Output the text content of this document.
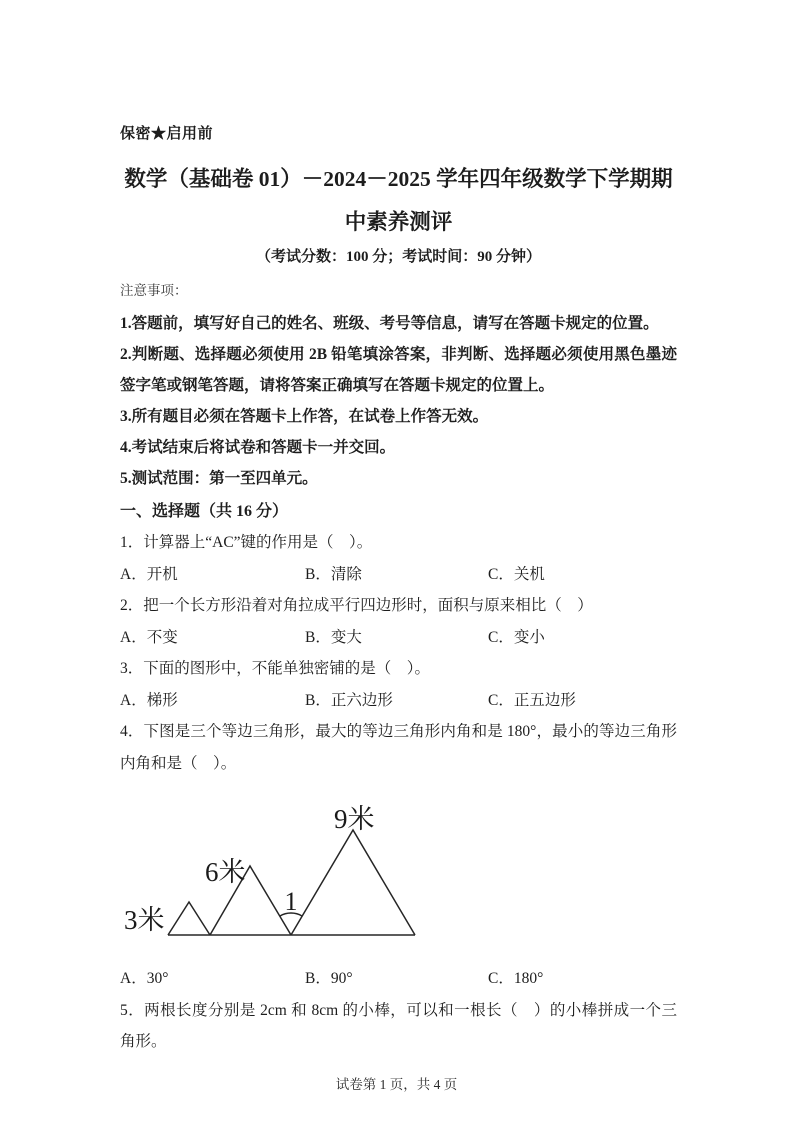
保密★启用前
数学（基础卷 01）－2024－2025 学年四年级数学下学期期
中素养测评
（考试分数：100 分；考试时间：90 分钟）
注意事项：
1.答题前，填写好自己的姓名、班级、考号等信息，请写在答题卡规定的位置。
2.判断题、选择题必须使用 2B 铅笔填涂答案，非判断、选择题必须使用黑色墨迹签字笔或钢笔答题，请将答案正确填写在答题卡规定的位置上。
3.所有题目必须在答题卡上作答，在试卷上作答无效。
4.考试结束后将试卷和答题卡一并交回。
5.测试范围：第一至四单元。
一、选择题（共 16 分）
1．计算器上“AC”键的作用是（　）。
A．开机	B．清除	C．关机
2．把一个长方形沿着对角拉成平行四边形时，面积与原来相比（　）
A．不变	B．变大	C．变小
3．下面的图形中，不能单独密铺的是（　）。
A．梯形	B．正六边形	C．正五边形
4．下图是三个等边三角形，最大的等边三角形内角和是 180°，最小的等边三角形内角和是（　）。
3米
6米
9米
1
A．30°	B．90°	C．180°
5．两根长度分别是 2cm 和 8cm 的小棒，可以和一根长（　）的小棒拼成一个三角形。
试卷第 1 页，共 4 页
